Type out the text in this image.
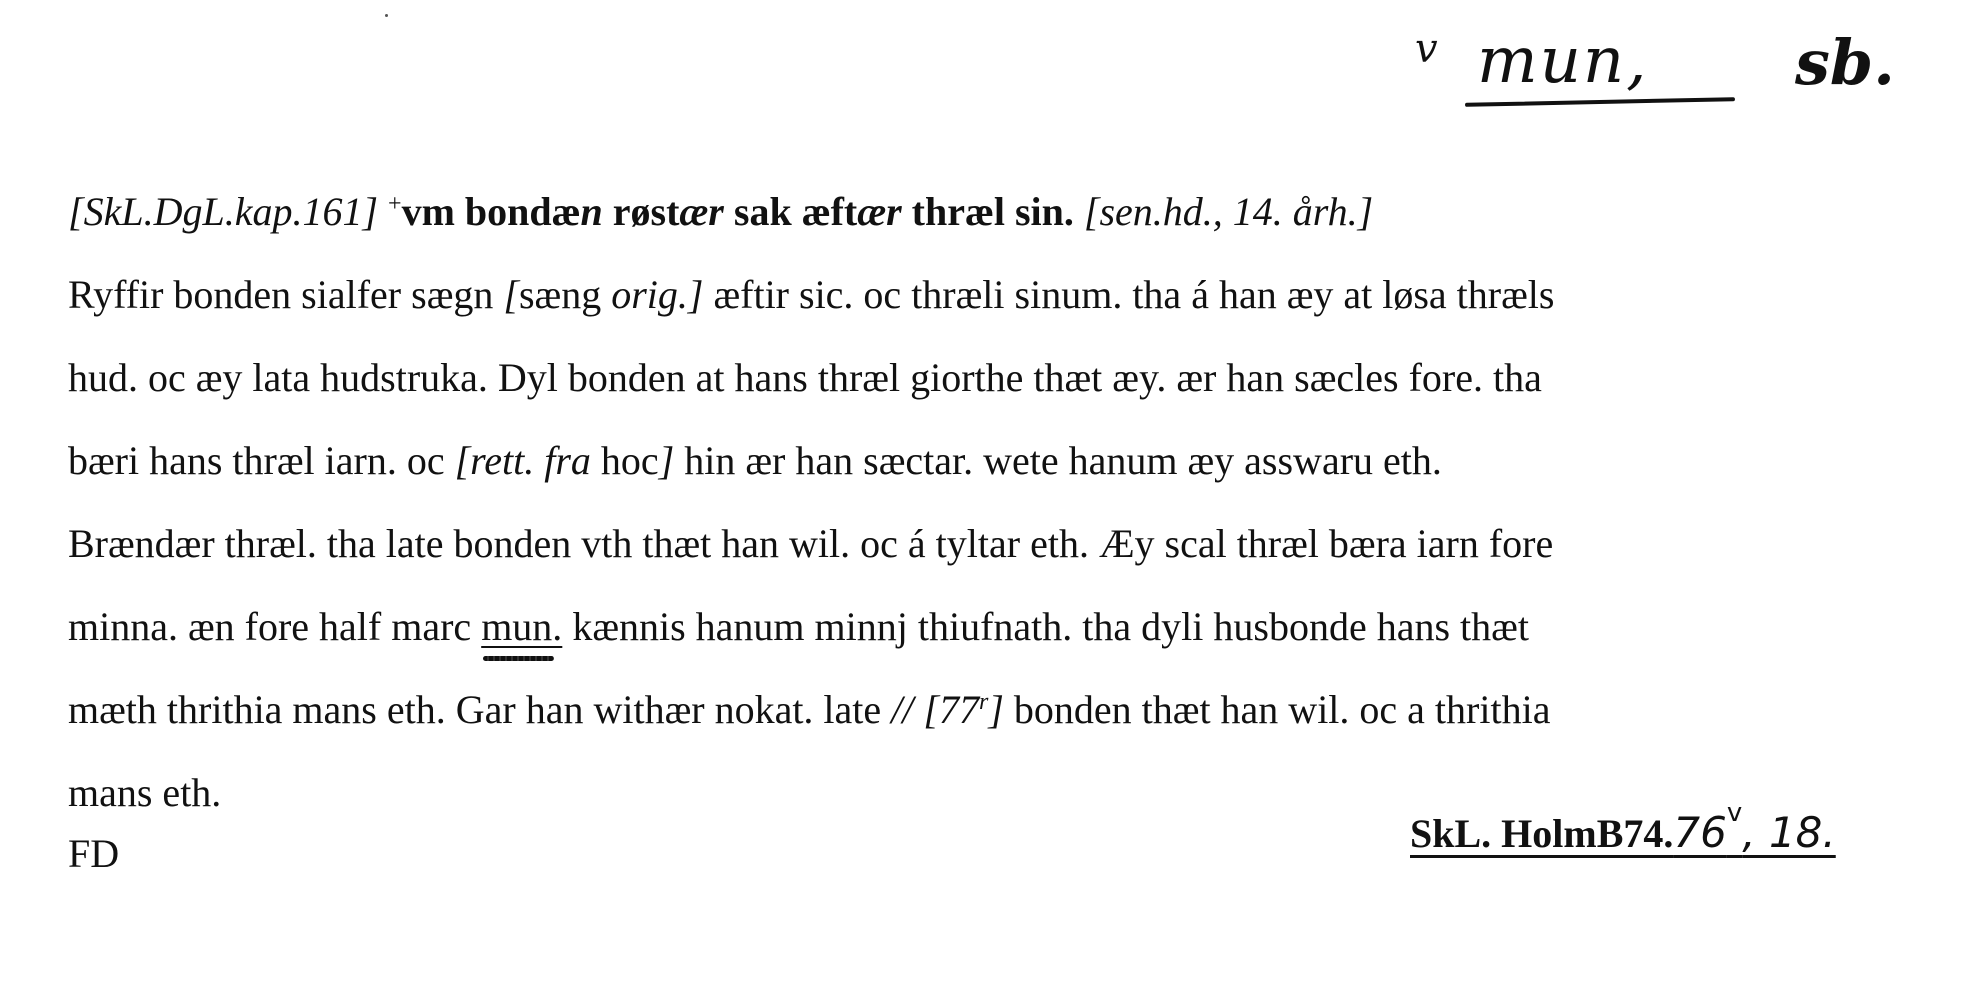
v mun, sb.
[SkL.DgL.kap.161] +vm bondæn røstær sak æftær thræl sin. [sen.hd., 14. årh.]
Ryffir bonden sialfer sægn [sæng orig.] æftir sic. oc thræli sinum. tha á han æy at løsa thræls
hud. oc æy lata hudstruka. Dyl bonden at hans thræl giorthe thæt æy. ær han sæcles fore. tha
bæri hans thræl iarn. oc [rett. fra hoc] hin ær han sæctar. wete hanum æy asswaru eth.
Brændær thræl. tha late bonden vth thæt han wil. oc á tyltar eth. Æy scal thræl bæra iarn fore
minna. æn fore half marc mun. kænnis hanum minnj thiufnath. tha dyli husbonde hans thæt
mæth thrithia mans eth. Gar han withær nokat. late // [77$^r$] bonden thæt han wil. oc a thrithia
mans eth.
FD	SkL. HolmB74.76$^v$, 18.
